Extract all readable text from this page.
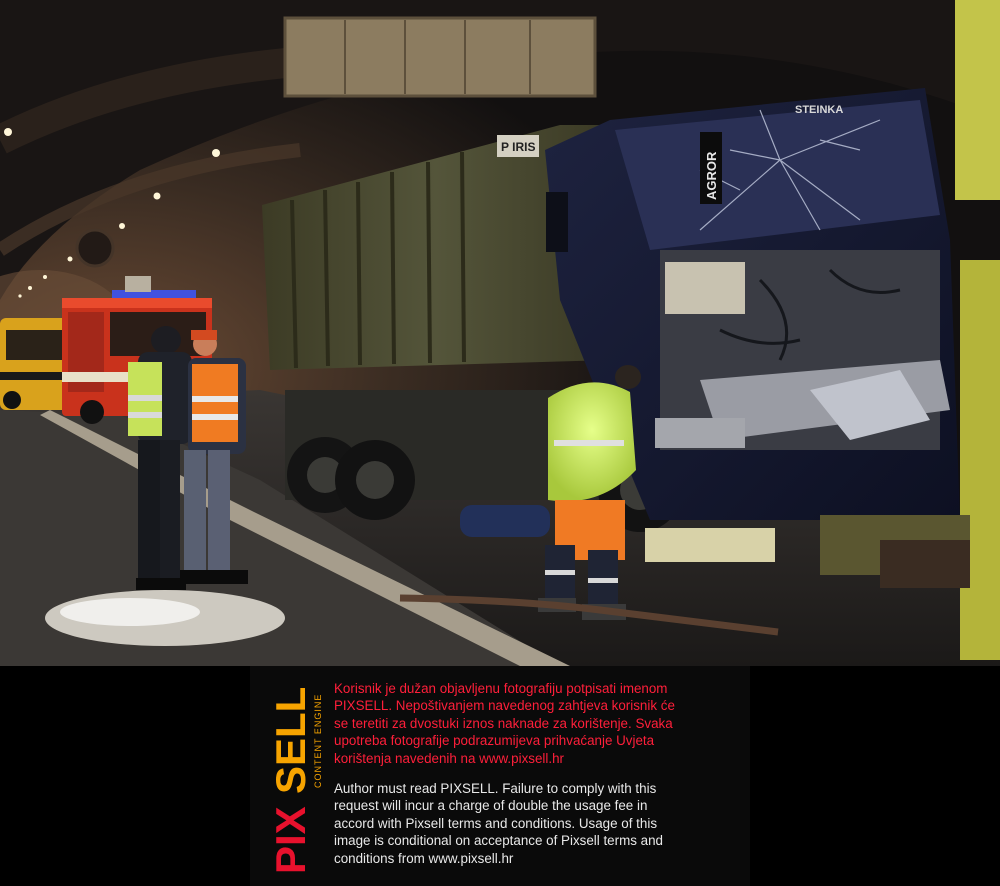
P IRIS
AGROR
STEINKA
PIX
SELL CONTENT ENGINE

Korisnik je dužan objavljenu fotografiju potpisati imenom
PIXSELL. Nepoštivanjem navedenog zahtjeva korisnik će
se teretiti za dvostuki iznos naknade za korištenje. Svaka
upotreba fotografije podrazumijeva prihvaćanje Uvjeta
korištenja navedenih na www.pixsell.hr

Author must read PIXSELL. Failure to comply with this
request will incur a charge of double the usage fee in
accord with Pixsell terms and conditions. Usage of this
image is conditional on acceptance of Pixsell terms and
conditions from www.pixsell.hr
